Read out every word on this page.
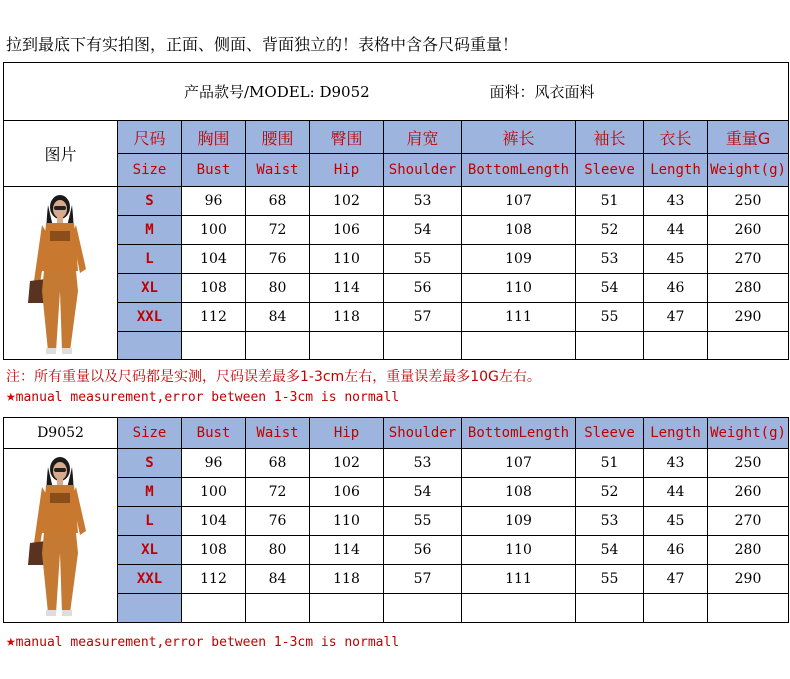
拉到最底下有实拍图，正面、侧面、背面独立的！表格中含各尺码重量！
产品款号/MODEL: D9052 面料：风衣面料									
图片	尺码	胸围	腰围	臀围	肩宽	裤长	袖长	衣长	重量G
	Size	Bust	Waist	Hip	Shoulder	BottomLength	Sleeve	Length	Weight(g)

	S	96	68	102	53	107	51	43	250
	M	100	72	106	54	108	52	44	260
	L	104	76	110	55	109	53	45	270
	XL	108	80	114	56	110	54	46	280
	XXL	112	84	118	57	111	55	47	290

注：所有重量以及尺码都是实测，尺码误差最多1-3cm左右，重量误差最多10G左右。
★manual measurement,error between 1-3cm is normall
D9052	Size	Bust	Waist	Hip	Shoulder	BottomLength	Sleeve	Length	Weight(g)

	S	96	68	102	53	107	51	43	250
	M	100	72	106	54	108	52	44	260
	L	104	76	110	55	109	53	45	270
	XL	108	80	114	56	110	54	46	280
	XXL	112	84	118	57	111	55	47	290

★manual measurement,error between 1-3cm is normall
